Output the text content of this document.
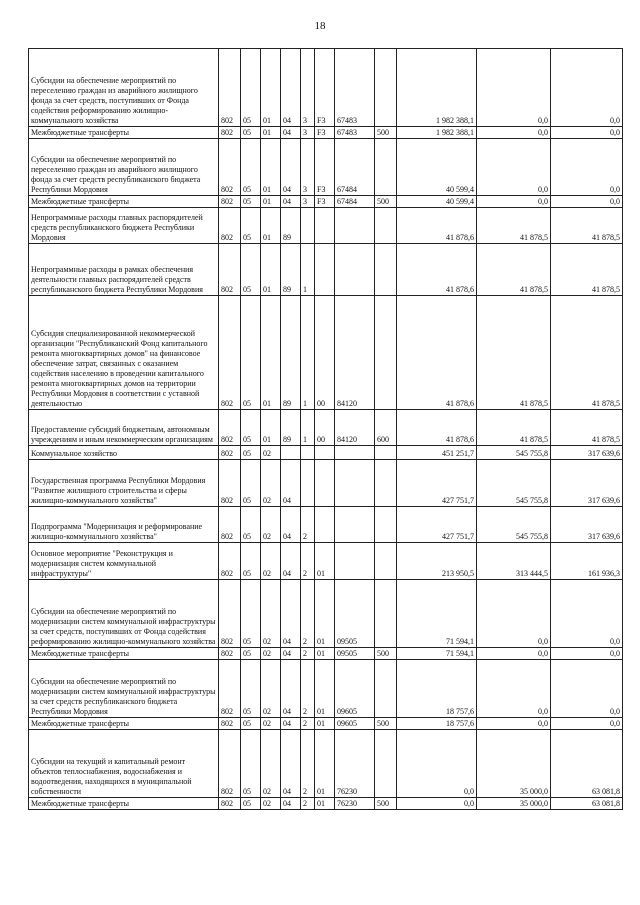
18
Субсидии на обеспечение мероприятий по переселению граждан из аварийного жилищного фонда за счет средств, поступивших от Фонда содействия реформированию жилищно-коммунального хозяйства	802	05	01	04	3	F3	67483		1 982 388,1	0,0	0,0
Межбюджетные трансферты	802	05	01	04	3	F3	67483	500	1 982 388,1	0,0	0,0
Субсидии на обеспечение мероприятий по переселению граждан из аварийного жилищного фонда за счет средств республиканского бюджета Республики Мордовия	802	05	01	04	3	F3	67484		40 599,4	0,0	0,0
Межбюджетные трансферты	802	05	01	04	3	F3	67484	500	40 599,4	0,0	0,0
Непрограммные расходы главных распорядителей средств республиканского бюджета Республики Мордовия	802	05	01	89					41 878,6	41 878,5	41 878,5
Непрограммные расходы в рамках обеспечения деятельности главных распорядителей средств республиканского бюджета Республики Мордовия	802	05	01	89	1				41 878,6	41 878,5	41 878,5
Субсидия специализированной некоммерческой организации "Республиканский Фонд капитального ремонта многоквартирных домов" на финансовое обеспечение затрат, связанных с оказанием содействия населению в проведении капитального ремонта многоквартирных домов на территории Республики Мордовия в соответствии с уставной деятельностью	802	05	01	89	1	00	84120		41 878,6	41 878,5	41 878,5
Предоставление субсидий бюджетным, автономным учреждениям и иным некоммерческим организациям	802	05	01	89	1	00	84120	600	41 878,6	41 878,5	41 878,5
Коммунальное хозяйство	802	05	02						451 251,7	545 755,8	317 639,6
Государственная программа Республики Мордовия "Развитие жилищного строительства и сферы жилищно-коммунального хозяйства"	802	05	02	04					427 751,7	545 755,8	317 639,6
Подпрограмма "Модернизация и реформирование жилищно-коммунального хозяйства"	802	05	02	04	2				427 751,7	545 755,8	317 639,6
Основное мероприятие "Реконструкция и модернизация систем коммунальной инфраструктуры"	802	05	02	04	2	01			213 950,5	313 444,5	161 936,3
Субсидии на обеспечение мероприятий по модернизации систем коммунальной инфраструктуры за счет средств, поступивших от Фонда содействия реформированию жилищно-коммунального хозяйства	802	05	02	04	2	01	09505		71 594,1	0,0	0,0
Межбюджетные трансферты	802	05	02	04	2	01	09505	500	71 594,1	0,0	0,0
Субсидии на обеспечение мероприятий по модернизации систем коммунальной инфраструктуры за счет средств республиканского бюджета Республики Мордовия	802	05	02	04	2	01	09605		18 757,6	0,0	0,0
Межбюджетные трансферты	802	05	02	04	2	01	09605	500	18 757,6	0,0	0,0
Субсидии на текущий и капитальный ремонт объектов теплоснабжения, водоснабжения и водоотведения, находящихся в муниципальной собственности	802	05	02	04	2	01	76230		0,0	35 000,0	63 081,8
Межбюджетные трансферты	802	05	02	04	2	01	76230	500	0,0	35 000,0	63 081,8
